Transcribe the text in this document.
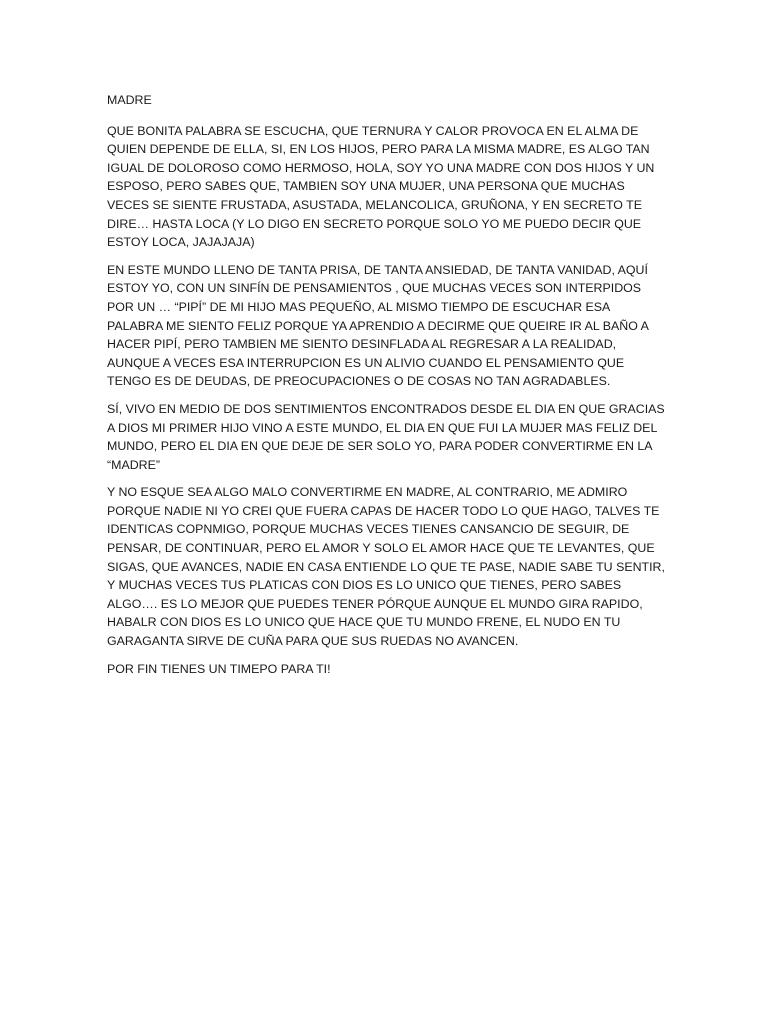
MADRE

QUE BONITA PALABRA SE ESCUCHA, QUE TERNURA Y CALOR PROVOCA EN EL ALMA DE QUIEN DEPENDE DE ELLA, SI, EN LOS HIJOS, PERO PARA LA MISMA MADRE, ES ALGO TAN IGUAL DE DOLOROSO COMO HERMOSO, HOLA, SOY YO UNA MADRE CON DOS HIJOS Y UN ESPOSO, PERO SABES QUE, TAMBIEN SOY UNA MUJER, UNA PERSONA QUE MUCHAS VECES SE SIENTE FRUSTADA, ASUSTADA, MELANCOLICA, GRUÑONA, Y EN SECRETO TE DIRE… HASTA LOCA (Y LO DIGO EN SECRETO PORQUE SOLO YO ME PUEDO DECIR QUE ESTOY LOCA, JAJAJAJA)

EN ESTE MUNDO LLENO DE TANTA PRISA, DE TANTA ANSIEDAD, DE TANTA VANIDAD, AQUÍ ESTOY YO, CON UN SINFÍN DE PENSAMIENTOS , QUE MUCHAS VECES SON INTERPIDOS POR UN … “PIPÍ” DE MI HIJO MAS PEQUEÑO, AL MISMO TIEMPO DE ESCUCHAR ESA PALABRA ME SIENTO FELIZ PORQUE YA APRENDIO A DECIRME QUE QUEIRE IR AL BAÑO A HACER PIPÍ, PERO TAMBIEN ME SIENTO DESINFLADA AL REGRESAR A LA REALIDAD, AUNQUE A VECES ESA INTERRUPCION ES UN ALIVIO CUANDO EL PENSAMIENTO QUE TENGO ES DE DEUDAS, DE PREOCUPACIONES O DE COSAS NO TAN AGRADABLES.

SÍ, VIVO EN MEDIO DE DOS SENTIMIENTOS ENCONTRADOS DESDE EL DIA EN QUE GRACIAS A DIOS MI PRIMER HIJO VINO A ESTE MUNDO, EL DIA EN QUE FUI LA MUJER MAS FELIZ DEL MUNDO, PERO EL DIA EN QUE DEJE DE SER SOLO YO, PARA PODER CONVERTIRME EN LA “MADRE”

Y NO ESQUE SEA ALGO MALO CONVERTIRME EN MADRE, AL CONTRARIO, ME ADMIRO PORQUE NADIE NI YO CREI QUE FUERA CAPAS DE HACER TODO LO QUE HAGO, TALVES TE IDENTICAS COPNMIGO, PORQUE MUCHAS VECES TIENES CANSANCIO DE SEGUIR, DE PENSAR, DE CONTINUAR, PERO EL AMOR Y SOLO EL AMOR HACE QUE TE LEVANTES, QUE SIGAS, QUE AVANCES, NADIE EN CASA ENTIENDE LO QUE TE PASE, NADIE SABE TU SENTIR, Y MUCHAS VECES TUS PLATICAS CON DIOS ES LO UNICO QUE TIENES, PERO SABES ALGO…. ES LO MEJOR QUE PUEDES TENER PÓRQUE AUNQUE EL MUNDO GIRA RAPIDO, HABALR CON DIOS ES LO UNICO QUE HACE QUE TU MUNDO FRENE, EL NUDO EN TU GARAGANTA SIRVE DE CUÑA PARA QUE SUS RUEDAS NO AVANCEN.

POR FIN TIENES UN TIMEPO PARA TI!
